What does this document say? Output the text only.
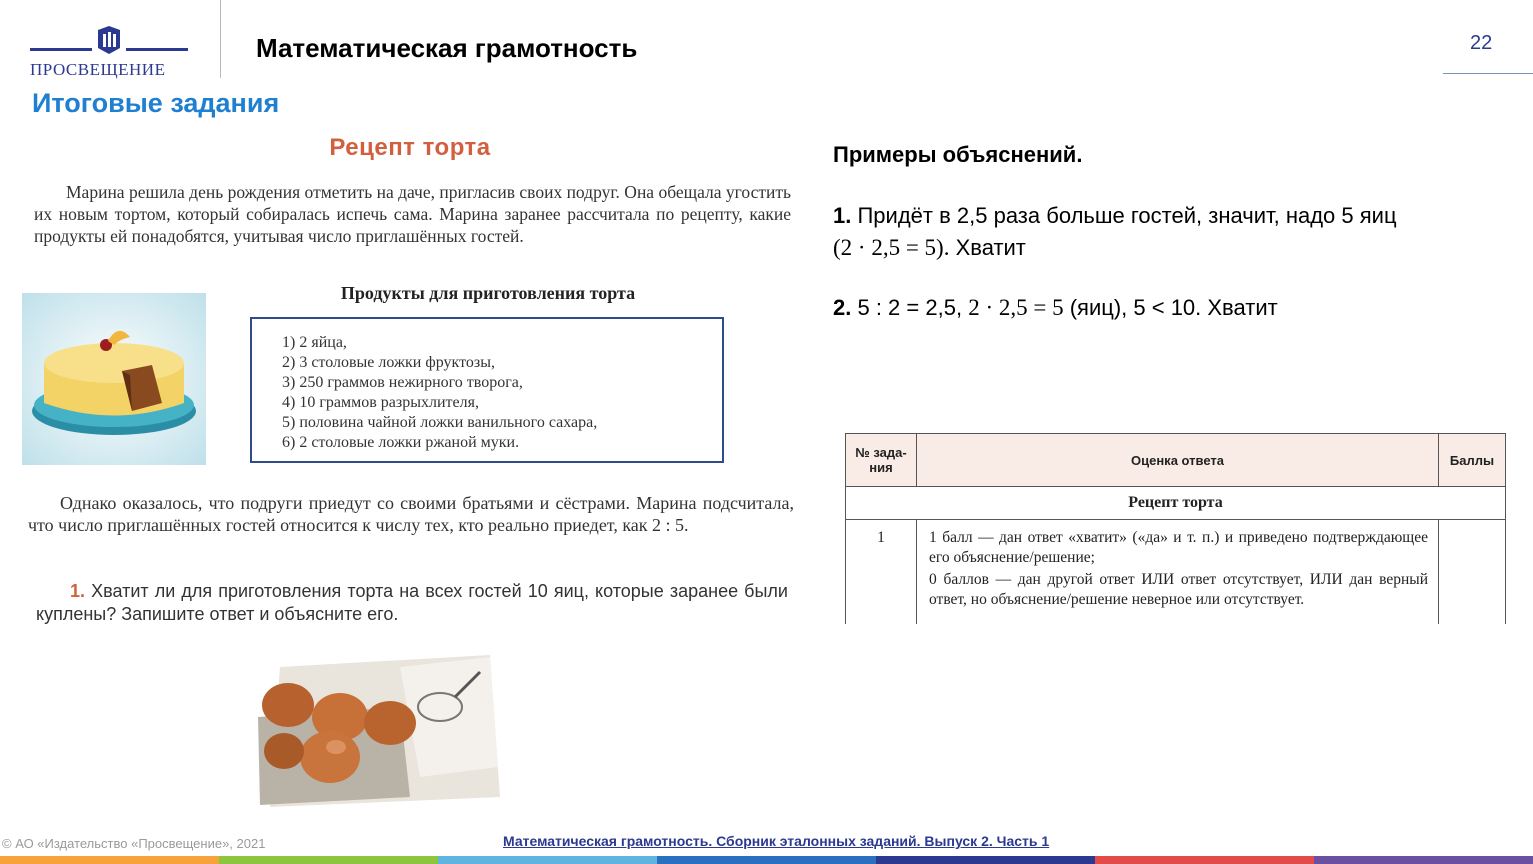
ПРОСВЕЩЕНИЕ
Математическая грамотность	22
Итоговые задания
Рецепт торта
Марина решила день рождения отметить на даче, пригласив своих подруг. Она обещала угостить их новым тортом, который собиралась испечь сама. Марина заранее рассчитала по рецепту, какие продукты ей понадобятся, учитывая число приглашённых гостей.
Продукты для приготовления торта
1) 2 яйца,
2) 3 столовые ложки фруктозы,
3) 250 граммов нежирного творога,
4) 10 граммов разрыхлителя,
5) половина чайной ложки ванильного сахара,
6) 2 столовые ложки ржаной муки.
Однако оказалось, что подруги приедут со своими братьями и сёстрами. Марина подсчитала, что число приглашённых гостей относится к числу тех, кто реально приедет, как 2 : 5.
1. Хватит ли для приготовления торта на всех гостей 10 яиц, которые заранее были куплены? Запишите ответ и объясните его.
Примеры объяснений.
1. Придёт в 2,5 раза больше гостей, значит, надо 5 яиц
(2 · 2,5 = 5). Хватит
2. 5 : 2 = 2,5, 2 · 2,5 = 5 (яиц), 5 < 10. Хватит
№ зада-ния	Оценка ответа	Баллы
Рецепт торта		
1	1 балл — дан ответ «хватит» («да» и т. п.) и приведено подтверждающее его объяснение/решение;
0 баллов — дан другой ответ ИЛИ ответ отсутствует, ИЛИ дан верный ответ, но объяснение/решение неверное или отсутствует.	

© АО «Издательство «Просвещение», 2021	Математическая грамотность. Сборник эталонных заданий. Выпуск 2. Часть 1
